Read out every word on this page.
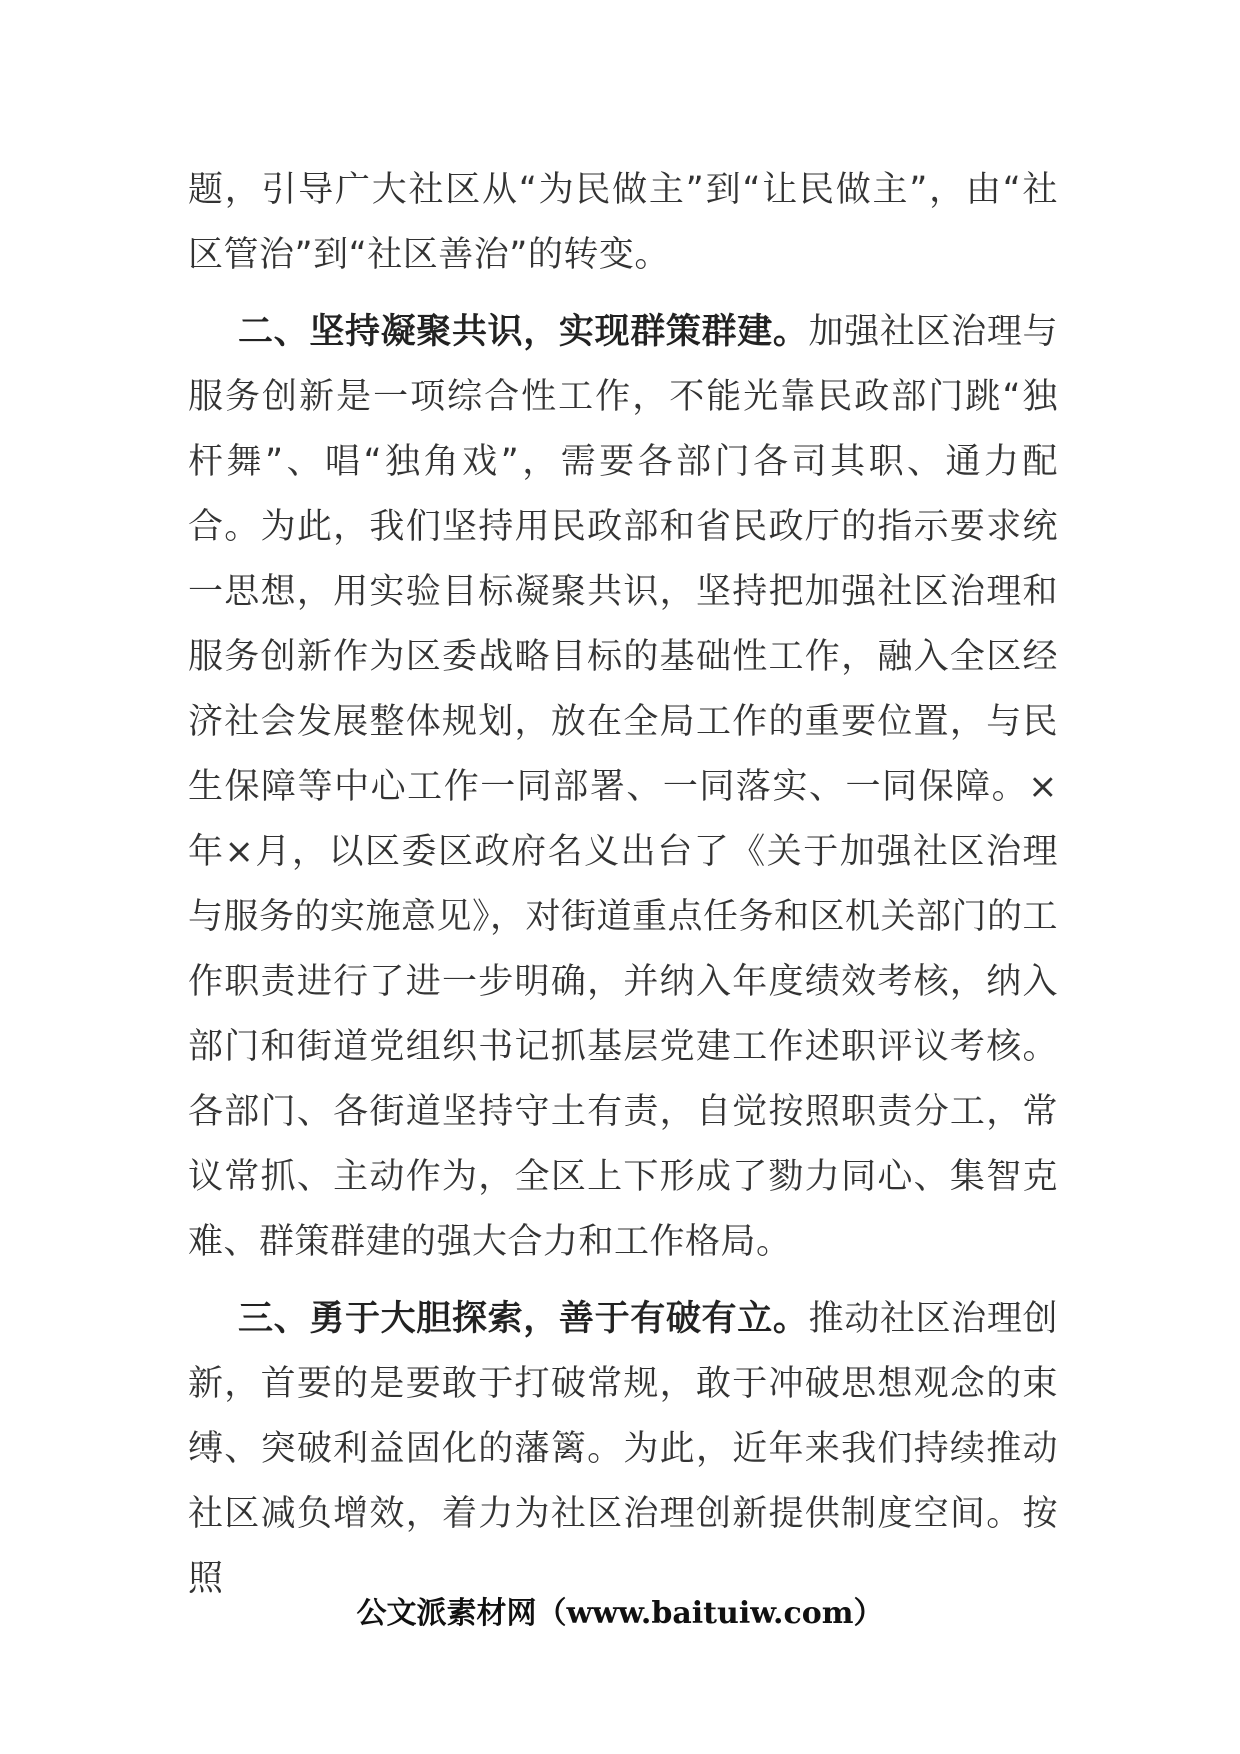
题，引导广大社区从“为民做主”到“让民做主”，由“社区管治”到“社区善治”的转变。

二、坚持凝聚共识，实现群策群建。加强社区治理与服务创新是一项综合性工作，不能光靠民政部门跳“独杆舞”、唱“独角戏”，需要各部门各司其职、通力配合。为此，我们坚持用民政部和省民政厅的指示要求统一思想，用实验目标凝聚共识，坚持把加强社区治理和服务创新作为区委战略目标的基础性工作，融入全区经济社会发展整体规划，放在全局工作的重要位置，与民生保障等中心工作一同部署、一同落实、一同保障。×年×月，以区委区政府名义出台了《关于加强社区治理与服务的实施意见》，对街道重点任务和区机关部门的工作职责进行了进一步明确，并纳入年度绩效考核，纳入部门和街道党组织书记抓基层党建工作述职评议考核。各部门、各街道坚持守土有责，自觉按照职责分工，常议常抓、主动作为，全区上下形成了勠力同心、集智克难、群策群建的强大合力和工作格局。

三、勇于大胆探索，善于有破有立。推动社区治理创新，首要的是要敢于打破常规，敢于冲破思想观念的束缚、突破利益固化的藩篱。为此，近年来我们持续推动社区减负增效，着力为社区治理创新提供制度空间。按照

公文派素材网（www.baituiw.com）
